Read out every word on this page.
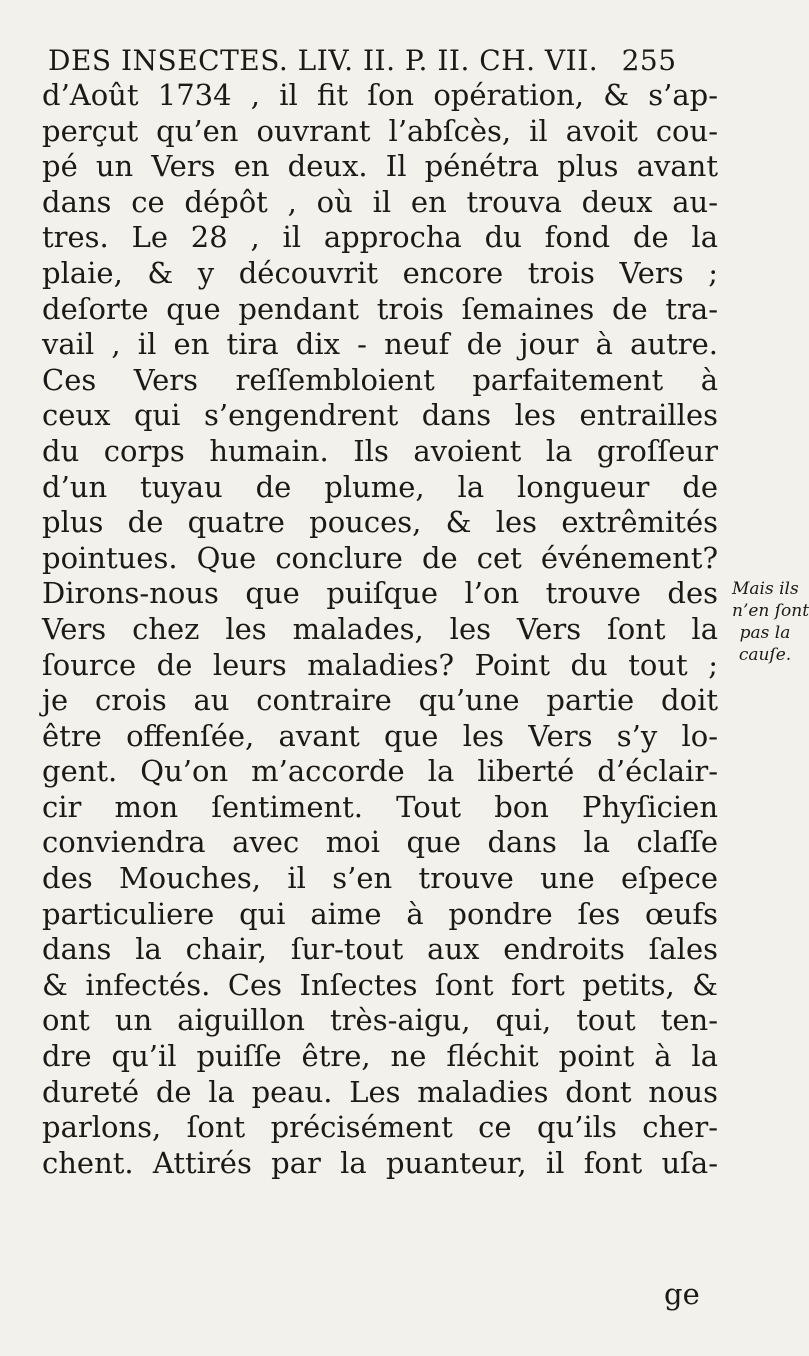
DES INSECTES. LIV. II. P. II. CH. VII. 255
d’Août 1734 , il fit ſon opération, & s’ap-
perçut qu’en ouvrant l’abſcès, il avoit cou-
pé un Vers en deux. Il pénétra plus avant
dans ce dépôt , où il en trouva deux au-
tres. Le 28 , il approcha du fond de la
plaie, & y découvrit encore trois Vers ;
deſorte que pendant trois ſemaines de tra-
vail , il en tira dix - neuf de jour à autre.
Ces Vers reſſembloient parfaitement à
ceux qui s’engendrent dans les entrailles
du corps humain. Ils avoient la groſſeur
d’un tuyau de plume, la longueur de
plus de quatre pouces, & les extrêmités
pointues. Que conclure de cet événement?
Dirons-nous que puiſque l’on trouve des
Vers chez les malades, les Vers ſont la
ſource de leurs maladies? Point du tout ;
je crois au contraire qu’une partie doit
être offenſée, avant que les Vers s’y lo-
gent. Qu’on m’accorde la liberté d’éclair-
cir mon ſentiment. Tout bon Phyſicien
conviendra avec moi que dans la claſſe
des Mouches, il s’en trouve une eſpece
particuliere qui aime à pondre ſes œufs
dans la chair, ſur-tout aux endroits ſales
& infectés. Ces Inſectes ſont fort petits, &
ont un aiguillon très-aigu, qui, tout ten-
dre qu’il puiſſe être, ne fléchit point à la
dureté de la peau. Les maladies dont nous
parlons, ſont précisément ce qu’ils cher-
chent. Attirés par la puanteur, il font uſa-
Mais ils
n’en ſont
pas la
cauſe.
ge
